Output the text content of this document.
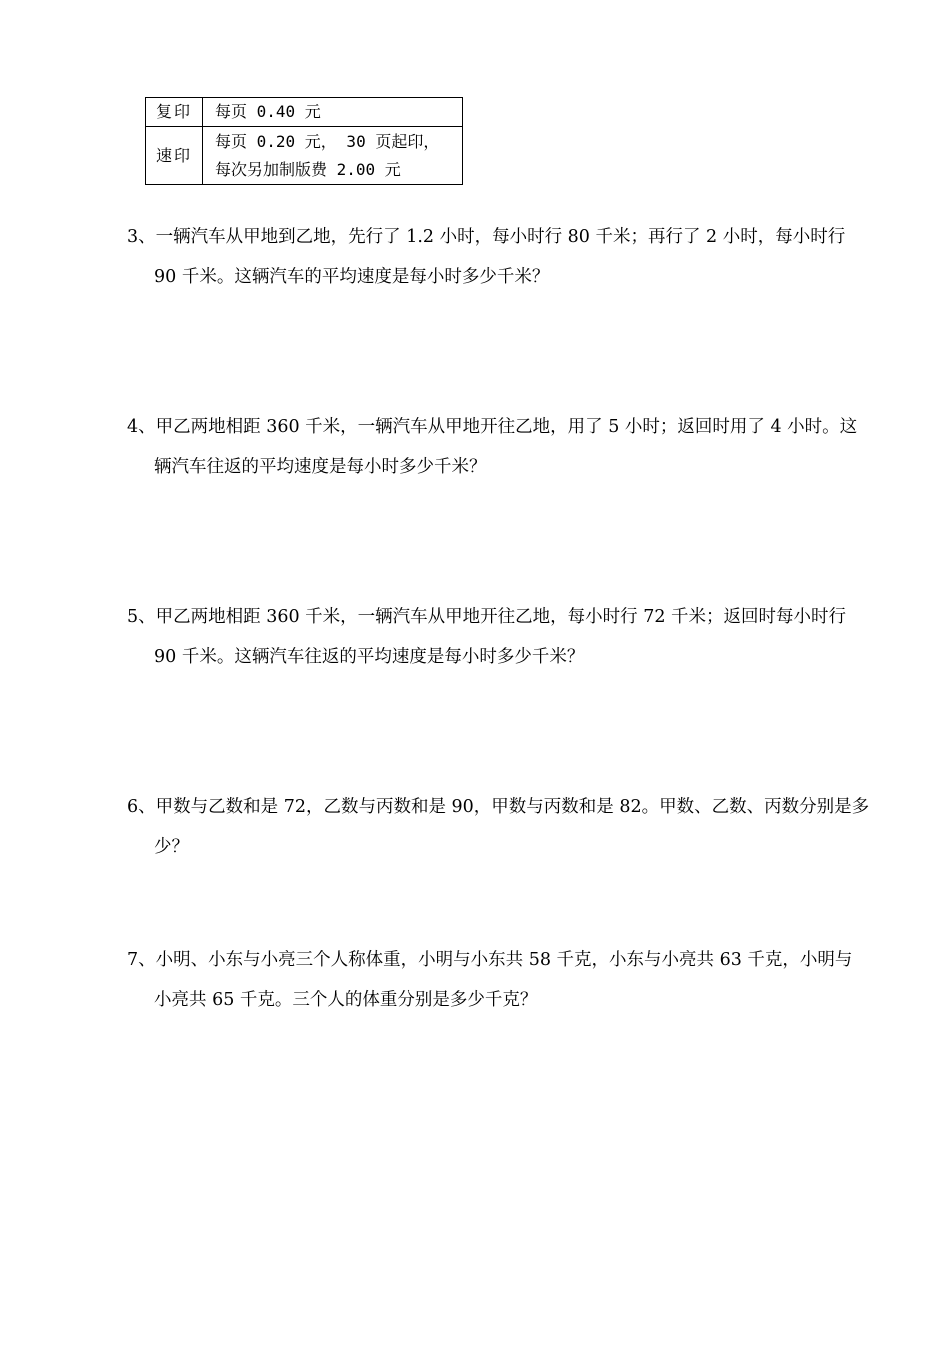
复印	每页 0.40 元

速印	每页 0.20 元， 30 页起印，
每次另加制版费 2.00 元
3、一辆汽车从甲地到乙地，先行了 1.2 小时，每小时行 80 千米；再行了 2 小时，每小时行
90 千米。这辆汽车的平均速度是每小时多少千米？
4、甲乙两地相距 360 千米，一辆汽车从甲地开往乙地，用了 5 小时；返回时用了 4 小时。这
辆汽车往返的平均速度是每小时多少千米？
5、甲乙两地相距 360 千米，一辆汽车从甲地开往乙地，每小时行 72 千米；返回时每小时行
90 千米。这辆汽车往返的平均速度是每小时多少千米？
6、甲数与乙数和是 72，乙数与丙数和是 90，甲数与丙数和是 82。甲数、乙数、丙数分别是多
少？
7、小明、小东与小亮三个人称体重，小明与小东共 58 千克，小东与小亮共 63 千克，小明与
小亮共 65 千克。三个人的体重分别是多少千克？
